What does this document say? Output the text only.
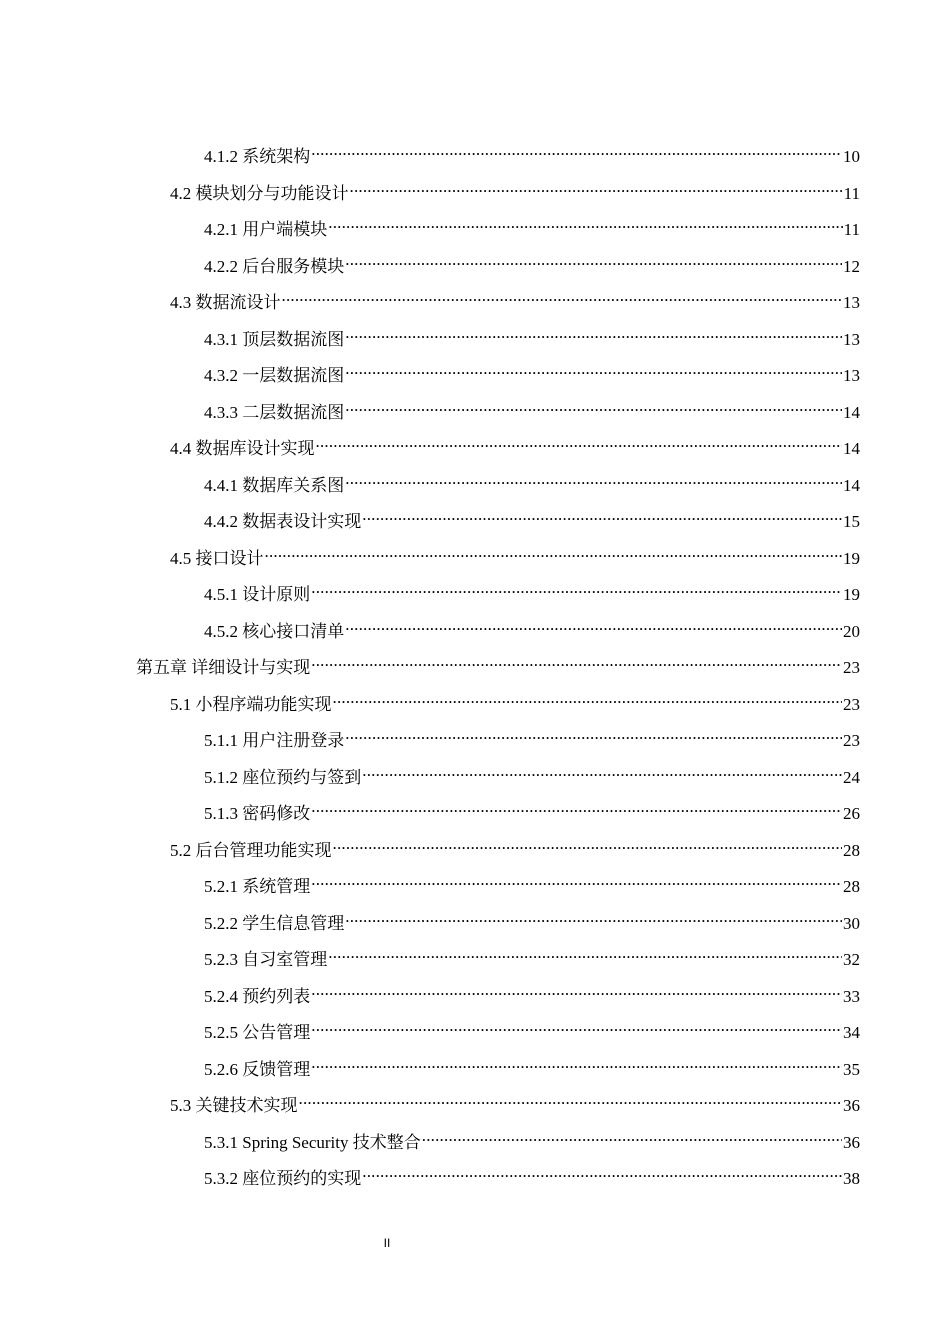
4.1.2 系统架构 .....	10
4.2 模块划分与功能设计 .....	11
4.2.1 用户端模块 .....	11
4.2.2 后台服务模块 .....	12
4.3 数据流设计 .....	13
4.3.1 顶层数据流图 .....	13
4.3.2 一层数据流图 .....	13
4.3.3 二层数据流图 .....	14
4.4 数据库设计实现 .....	14
4.4.1 数据库关系图 .....	14
4.4.2 数据表设计实现 .....	15
4.5 接口设计 .....	19
4.5.1 设计原则 .....	19
4.5.2 核心接口清单 .....	20
第五章 详细设计与实现 .....	23
5.1 小程序端功能实现 .....	23
5.1.1 用户注册登录 .....	23
5.1.2 座位预约与签到 .....	24
5.1.3 密码修改 .....	26
5.2 后台管理功能实现 .....	28
5.2.1 系统管理 .....	28
5.2.2 学生信息管理 .....	30
5.2.3 自习室管理 .....	32
5.2.4 预约列表 .....	33
5.2.5 公告管理 .....	34
5.2.6 反馈管理 .....	35
5.3 关键技术实现 .....	36
5.3.1 Spring Security 技术整合 .....	36
5.3.2 座位预约的实现 .....	38
II
